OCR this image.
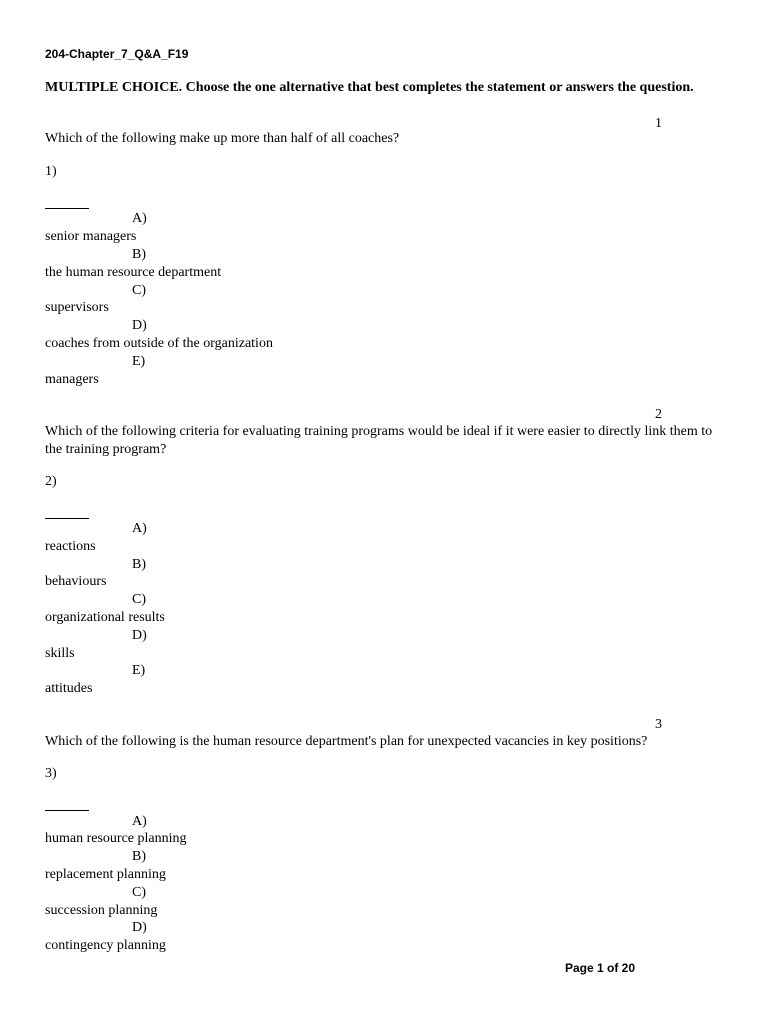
204-Chapter_7_Q&A_F19
MULTIPLE CHOICE. Choose the one alternative that best completes the statement or answers the question.
1
Which of the following make up more than half of all coaches?
1)
A)
senior managers
B)
the human resource department
C)
supervisors
D)
coaches from outside of the organization
E)
managers
2
Which of the following criteria for evaluating training programs would be ideal if it were easier to directly link them to the training program?
2)
A)
reactions
B)
behaviours
C)
organizational results
D)
skills
E)
attitudes
3
Which of the following is the human resource department's plan for unexpected vacancies in key positions?
3)
A)
human resource planning
B)
replacement planning
C)
succession planning
D)
contingency planning
Page 1 of 20
